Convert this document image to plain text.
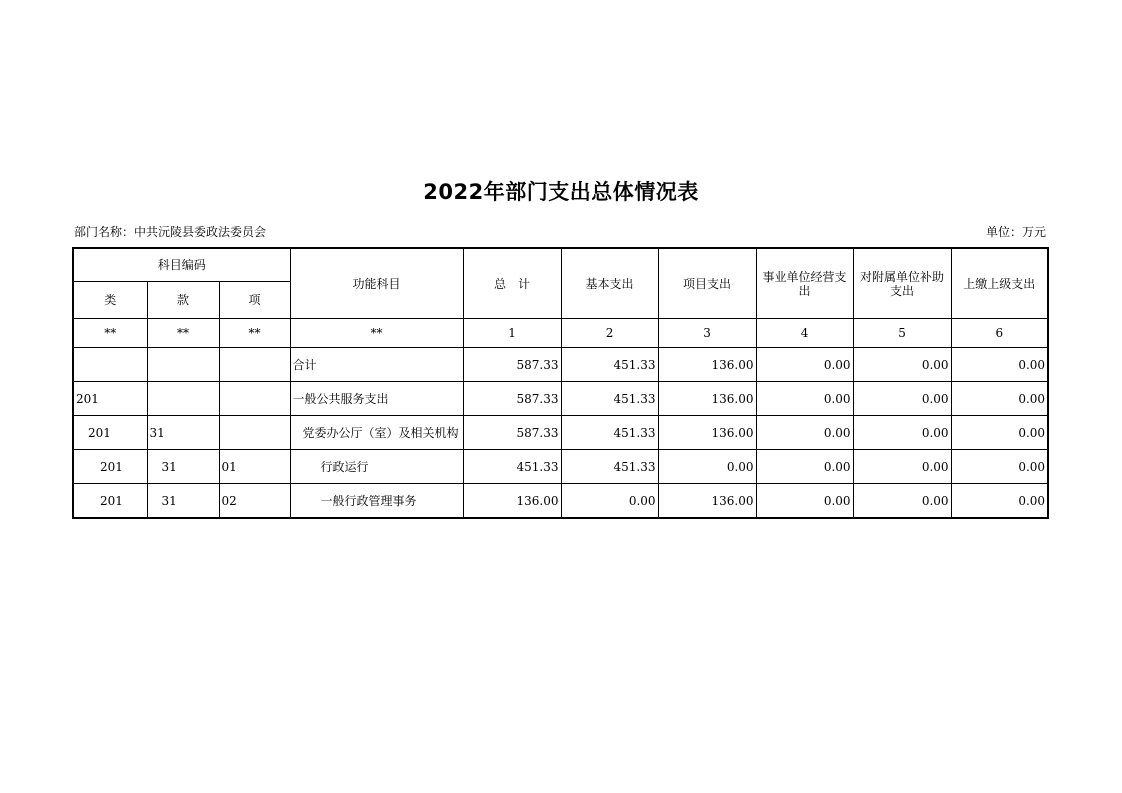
2022年部门支出总体情况表
部门名称：中共沅陵县委政法委员会	单位：万元
科目编码			功能科目	总　计	基本支出	项目支出	事业单位经营支出	对附属单位补助支出	上缴上级支出
类	款	项							
**	**	**	**	1	2	3	4	5	6
			合计	587.33	451.33	136.00	0.00	0.00	0.00
201			一般公共服务支出	587.33	451.33	136.00	0.00	0.00	0.00
201	31		党委办公厅（室）及相关机构	587.33	451.33	136.00	0.00	0.00	0.00
201	31	01	行政运行	451.33	451.33	0.00	0.00	0.00	0.00
201	31	02	一般行政管理事务	136.00	0.00	136.00	0.00	0.00	0.00
